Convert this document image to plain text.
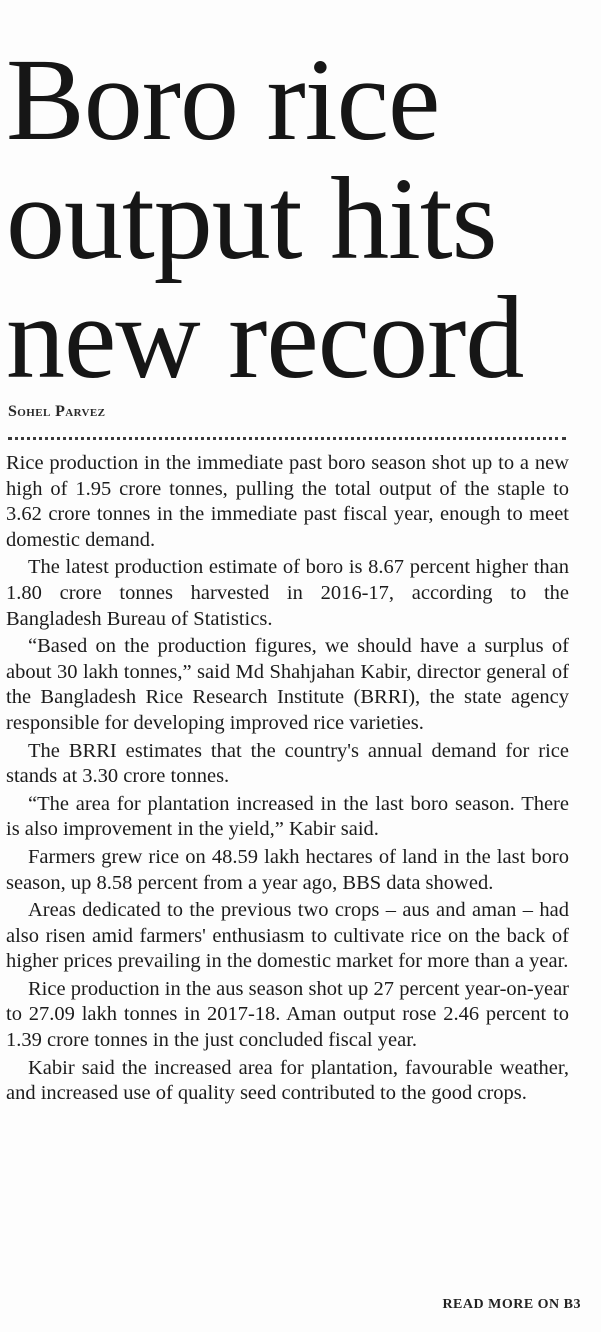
Boro rice
output hits
new record

Sohel Parvez

Rice production in the immediate past boro season shot up to a new high of 1.95 crore tonnes, pulling the total output of the staple to 3.62 crore tonnes in the immediate past fiscal year, enough to meet domestic demand.

The latest production estimate of boro is 8.67 percent higher than 1.80 crore tonnes harvested in 2016-17, according to the Bangladesh Bureau of Statistics.

“Based on the production figures, we should have a surplus of about 30 lakh tonnes,” said Md Shahjahan Kabir, director general of the Bangladesh Rice Research Institute (BRRI), the state agency responsible for developing improved rice varieties.

The BRRI estimates that the country's annual demand for rice stands at 3.30 crore tonnes.

“The area for plantation increased in the last boro season. There is also improvement in the yield,” Kabir said.

Farmers grew rice on 48.59 lakh hectares of land in the last boro season, up 8.58 percent from a year ago, BBS data showed.

Areas dedicated to the previous two crops – aus and aman – had also risen amid farmers' enthusiasm to cultivate rice on the back of higher prices prevailing in the domestic market for more than a year.

Rice production in the aus season shot up 27 percent year-on-year to 27.09 lakh tonnes in 2017-18. Aman output rose 2.46 percent to 1.39 crore tonnes in the just concluded fiscal year.

Kabir said the increased area for plantation, favourable weather, and increased use of quality seed contributed to the good crops.

READ MORE ON B3
